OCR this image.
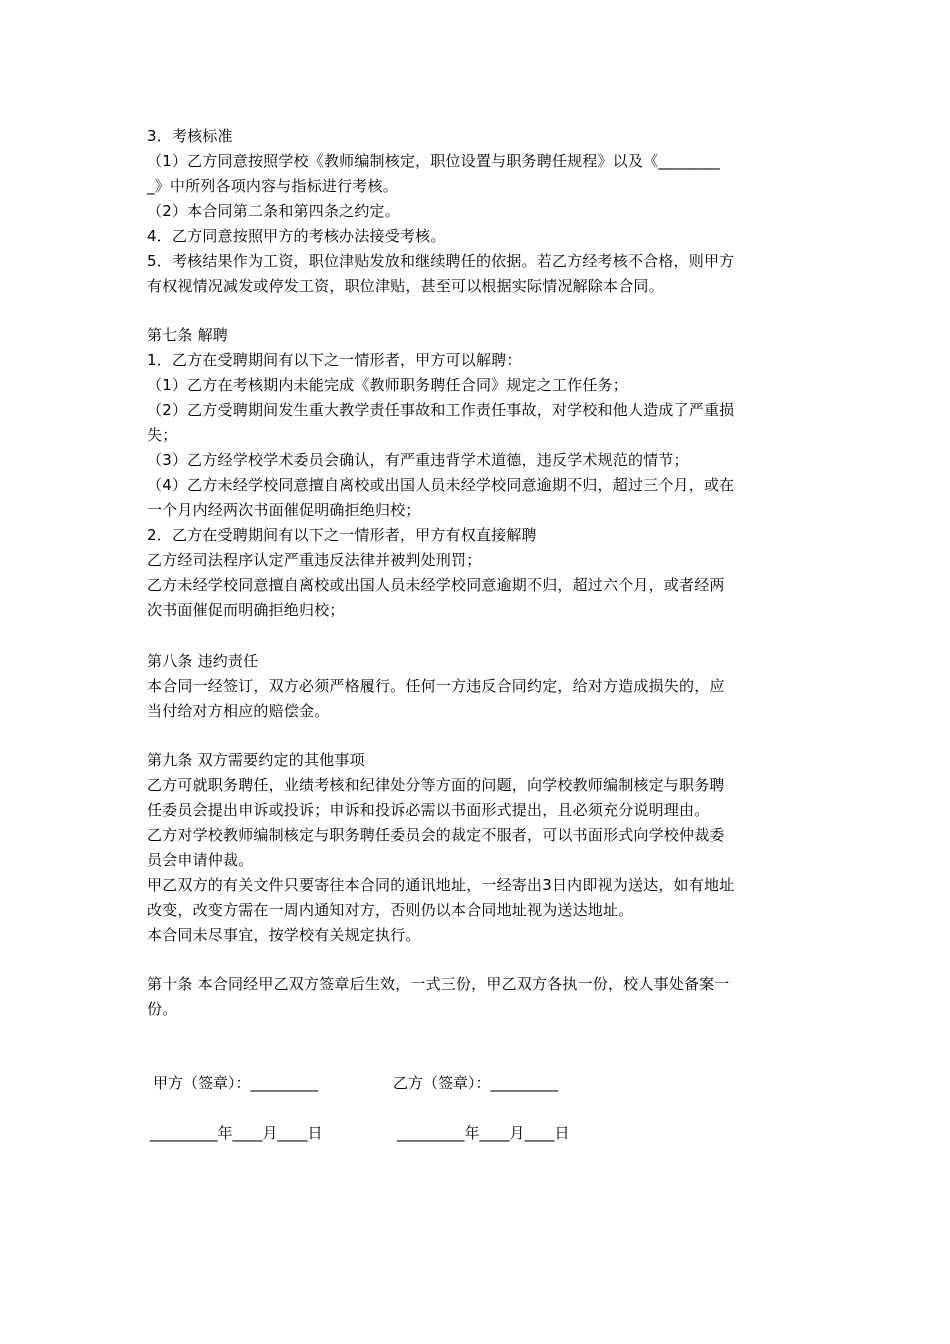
3．考核标准
（1）乙方同意按照学校《教师编制核定，职位设置与职务聘任规程》以及《________
_》中所列各项内容与指标进行考核。
（2）本合同第二条和第四条之约定。
4．乙方同意按照甲方的考核办法接受考核。
5．考核结果作为工资，职位津贴发放和继续聘任的依据。若乙方经考核不合格，则甲方
有权视情况减发或停发工资，职位津贴，甚至可以根据实际情况解除本合同。
第七条 解聘
1．乙方在受聘期间有以下之一情形者，甲方可以解聘：
（1）乙方在考核期内未能完成《教师职务聘任合同》规定之工作任务；
（2）乙方受聘期间发生重大教学责任事故和工作责任事故，对学校和他人造成了严重损
失；
（3）乙方经学校学术委员会确认，有严重违背学术道德，违反学术规范的情节；
（4）乙方未经学校同意擅自离校或出国人员未经学校同意逾期不归，超过三个月，或在
一个月内经两次书面催促明确拒绝归校；
2．乙方在受聘期间有以下之一情形者，甲方有权直接解聘
乙方经司法程序认定严重违反法律并被判处刑罚；
乙方未经学校同意擅自离校或出国人员未经学校同意逾期不归，超过六个月，或者经两
次书面催促而明确拒绝归校；
第八条 违约责任
本合同一经签订，双方必须严格履行。任何一方违反合同约定，给对方造成损失的，应
当付给对方相应的赔偿金。
第九条 双方需要约定的其他事项
乙方可就职务聘任，业绩考核和纪律处分等方面的问题，向学校教师编制核定与职务聘
任委员会提出申诉或投诉；申诉和投诉必需以书面形式提出，且必须充分说明理由。
乙方对学校教师编制核定与职务聘任委员会的裁定不服者，可以书面形式向学校仲裁委
员会申请仲裁。
甲乙双方的有关文件只要寄往本合同的通讯地址，一经寄出3日内即视为送达，如有地址
改变，改变方需在一周内通知对方，否则仍以本合同地址视为送达地址。
本合同未尽事宜，按学校有关规定执行。
第十条 本合同经甲乙双方签章后生效，一式三份，甲乙双方各执一份，校人事处备案一
份。
甲方（签章）：_________	乙方（签章）：_________
_________年____月____日	_________年____月____日
